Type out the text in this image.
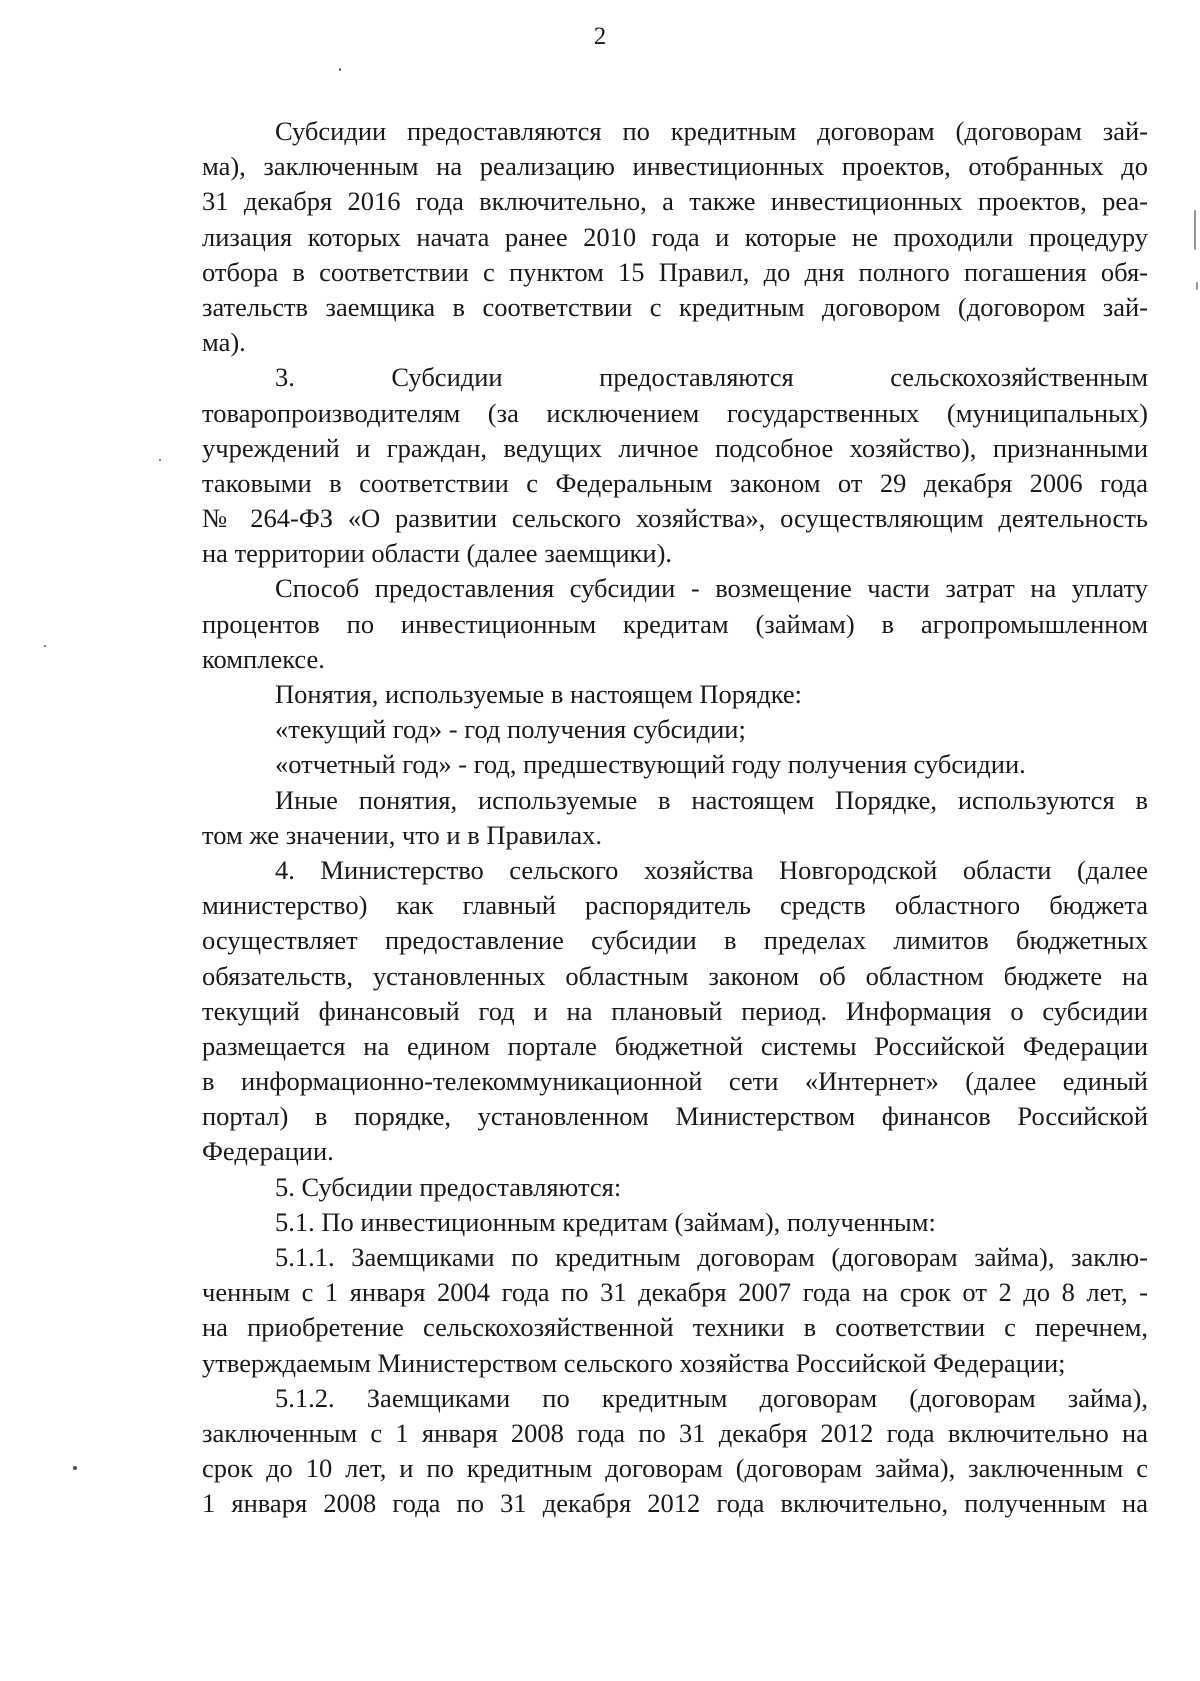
2
Субсидии предоставляются по кредитным договорам (договорам зай-
ма), заключенным на реализацию инвестиционных проектов, отобранных до
31 декабря 2016 года включительно, а также инвестиционных проектов, реа-
лизация которых начата ранее 2010 года и которые не проходили процедуру
отбора в соответствии с пунктом 15 Правил, до дня полного погашения обя-
зательств заемщика в соответствии с кредитным договором (договором зай-
ма).
3. Субсидии предоставляются сельскохозяйственным
товаропроизводителям (за исключением государственных (муниципальных)
учреждений и граждан, ведущих личное подсобное хозяйство), признанными
таковыми в соответствии с Федеральным законом от 29 декабря 2006 года
№ 264-ФЗ «О развитии сельского хозяйства», осуществляющим деятельность
на территории области (далее заемщики).
Способ предоставления субсидии - возмещение части затрат на уплату
процентов по инвестиционным кредитам (займам) в агропромышленном
комплексе.
Понятия, используемые в настоящем Порядке:
«текущий год» - год получения субсидии;
«отчетный год» - год, предшествующий году получения субсидии.
Иные понятия, используемые в настоящем Порядке, используются в
том же значении, что и в Правилах.
4. Министерство сельского хозяйства Новгородской области (далее
министерство) как главный распорядитель средств областного бюджета
осуществляет предоставление субсидии в пределах лимитов бюджетных
обязательств, установленных областным законом об областном бюджете на
текущий финансовый год и на плановый период. Информация о субсидии
размещается на едином портале бюджетной системы Российской Федерации
в информационно-телекоммуникационной сети «Интернет» (далее единый
портал) в порядке, установленном Министерством финансов Российской
Федерации.
5. Субсидии предоставляются:
5.1. По инвестиционным кредитам (займам), полученным:
5.1.1. Заемщиками по кредитным договорам (договорам займа), заклю-
ченным с 1 января 2004 года по 31 декабря 2007 года на срок от 2 до 8 лет, -
на приобретение сельскохозяйственной техники в соответствии с перечнем,
утверждаемым Министерством сельского хозяйства Российской Федерации;
5.1.2. Заемщиками по кредитным договорам (договорам займа),
заключенным с 1 января 2008 года по 31 декабря 2012 года включительно на
срок до 10 лет, и по кредитным договорам (договорам займа), заключенным с
1 января 2008 года по 31 декабря 2012 года включительно, полученным на
